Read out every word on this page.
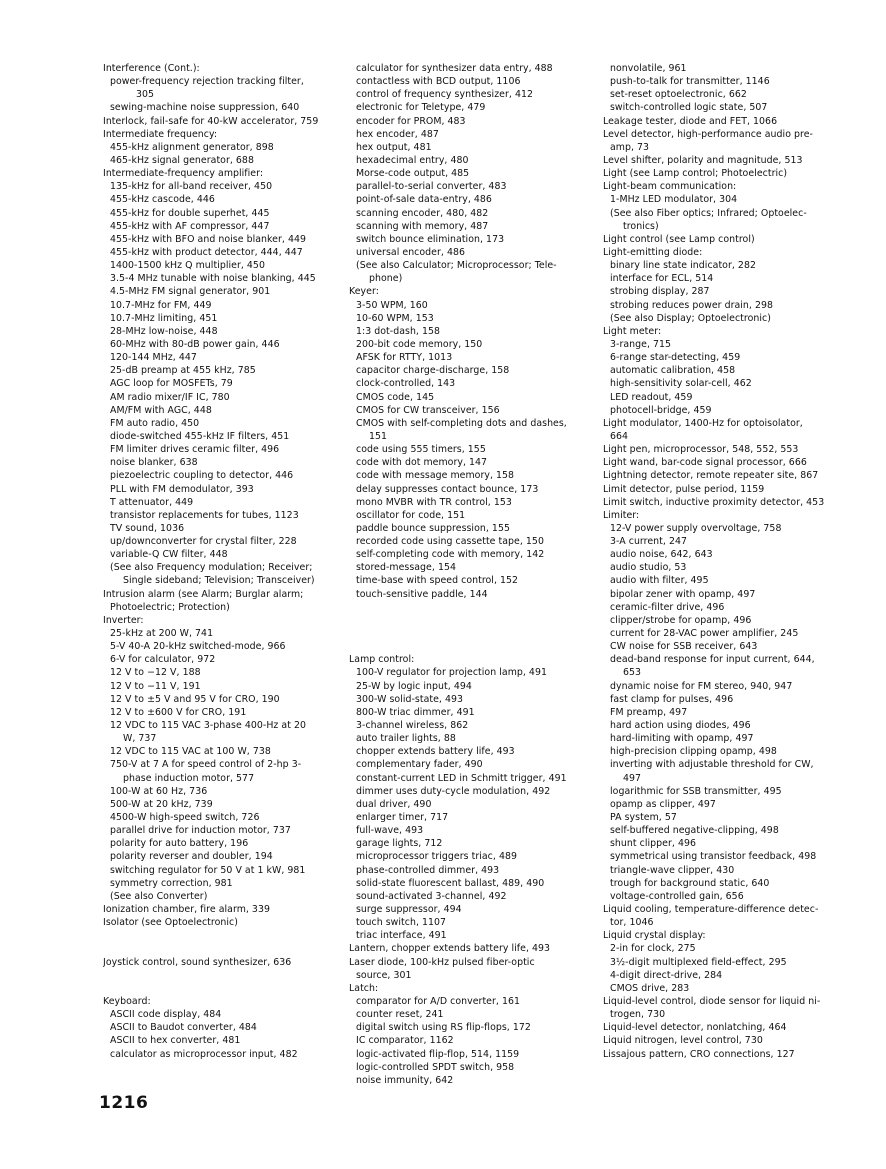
Interference (Cont.):
power-frequency rejection tracking filter,
305
sewing-machine noise suppression, 640
Interlock, fail-safe for 40-kW accelerator, 759
Intermediate frequency:
455-kHz alignment generator, 898
465-kHz signal generator, 688
Intermediate-frequency amplifier:
135-kHz for all-band receiver, 450
455-kHz cascode, 446
455-kHz for double superhet, 445
455-kHz with AF compressor, 447
455-kHz with BFO and noise blanker, 449
455-kHz with product detector, 444, 447
1400-1500 kHz Q multiplier, 450
3.5-4 MHz tunable with noise blanking, 445
4.5-MHz FM signal generator, 901
10.7-MHz for FM, 449
10.7-MHz limiting, 451
28-MHz low-noise, 448
60-MHz with 80-dB power gain, 446
120-144 MHz, 447
25-dB preamp at 455 kHz, 785
AGC loop for MOSFETs, 79
AM radio mixer/IF IC, 780
AM/FM with AGC, 448
FM auto radio, 450
diode-switched 455-kHz IF filters, 451
FM limiter drives ceramic filter, 496
noise blanker, 638
piezoelectric coupling to detector, 446
PLL with FM demodulator, 393
T attenuator, 449
transistor replacements for tubes, 1123
TV sound, 1036
up/downconverter for crystal filter, 228
variable-Q CW filter, 448
(See also Frequency modulation; Receiver;
Single sideband; Television; Transceiver)
Intrusion alarm (see Alarm; Burglar alarm;
Photoelectric; Protection)
Inverter:
25-kHz at 200 W, 741
5-V 40-A 20-kHz switched-mode, 966
6-V for calculator, 972
12 V to −12 V, 188
12 V to −11 V, 191
12 V to ±5 V and 95 V for CRO, 190
12 V to ±600 V for CRO, 191
12 VDC to 115 VAC 3-phase 400-Hz at 20
W, 737
12 VDC to 115 VAC at 100 W, 738
750-V at 7 A for speed control of 2-hp 3-
phase induction motor, 577
100-W at 60 Hz, 736
500-W at 20 kHz, 739
4500-W high-speed switch, 726
parallel drive for induction motor, 737
polarity for auto battery, 196
polarity reverser and doubler, 194
switching regulator for 50 V at 1 kW, 981
symmetry correction, 981
(See also Converter)
Ionization chamber, fire alarm, 339
Isolator (see Optoelectronic)
Joystick control, sound synthesizer, 636
Keyboard:
ASCII code display, 484
ASCII to Baudot converter, 484
ASCII to hex converter, 481
calculator as microprocessor input, 482
calculator for synthesizer data entry, 488
contactless with BCD output, 1106
control of frequency synthesizer, 412
electronic for Teletype, 479
encoder for PROM, 483
hex encoder, 487
hex output, 481
hexadecimal entry, 480
Morse-code output, 485
parallel-to-serial converter, 483
point-of-sale data-entry, 486
scanning encoder, 480, 482
scanning with memory, 487
switch bounce elimination, 173
universal encoder, 486
(See also Calculator; Microprocessor; Tele-
phone)
Keyer:
3-50 WPM, 160
10-60 WPM, 153
1:3 dot-dash, 158
200-bit code memory, 150
AFSK for RTTY, 1013
capacitor charge-discharge, 158
clock-controlled, 143
CMOS code, 145
CMOS for CW transceiver, 156
CMOS with self-completing dots and dashes,
151
code using 555 timers, 155
code with dot memory, 147
code with message memory, 158
delay suppresses contact bounce, 173
mono MVBR with TR control, 153
oscillator for code, 151
paddle bounce suppression, 155
recorded code using cassette tape, 150
self-completing code with memory, 142
stored-message, 154
time-base with speed control, 152
touch-sensitive paddle, 144
Lamp control:
100-V regulator for projection lamp, 491
25-W by logic input, 494
300-W solid-state, 493
800-W triac dimmer, 491
3-channel wireless, 862
auto trailer lights, 88
chopper extends battery life, 493
complementary fader, 490
constant-current LED in Schmitt trigger, 491
dimmer uses duty-cycle modulation, 492
dual driver, 490
enlarger timer, 717
full-wave, 493
garage lights, 712
microprocessor triggers triac, 489
phase-controlled dimmer, 493
solid-state fluorescent ballast, 489, 490
sound-activated 3-channel, 492
surge suppressor, 494
touch switch, 1107
triac interface, 491
Lantern, chopper extends battery life, 493
Laser diode, 100-kHz pulsed fiber-optic
source, 301
Latch:
comparator for A/D converter, 161
counter reset, 241
digital switch using RS flip-flops, 172
IC comparator, 1162
logic-activated flip-flop, 514, 1159
logic-controlled SPDT switch, 958
noise immunity, 642
nonvolatile, 961
push-to-talk for transmitter, 1146
set-reset optoelectronic, 662
switch-controlled logic state, 507
Leakage tester, diode and FET, 1066
Level detector, high-performance audio pre-
amp, 73
Level shifter, polarity and magnitude, 513
Light (see Lamp control; Photoelectric)
Light-beam communication:
1-MHz LED modulator, 304
(See also Fiber optics; Infrared; Optoelec-
tronics)
Light control (see Lamp control)
Light-emitting diode:
binary line state indicator, 282
interface for ECL, 514
strobing display, 287
strobing reduces power drain, 298
(See also Display; Optoelectronic)
Light meter:
3-range, 715
6-range star-detecting, 459
automatic calibration, 458
high-sensitivity solar-cell, 462
LED readout, 459
photocell-bridge, 459
Light modulator, 1400-Hz for optoisolator,
664
Light pen, microprocessor, 548, 552, 553
Light wand, bar-code signal processor, 666
Lightning detector, remote repeater site, 867
Limit detector, pulse period, 1159
Limit switch, inductive proximity detector, 453
Limiter:
12-V power supply overvoltage, 758
3-A current, 247
audio noise, 642, 643
audio studio, 53
audio with filter, 495
bipolar zener with opamp, 497
ceramic-filter drive, 496
clipper/strobe for opamp, 496
current for 28-VAC power amplifier, 245
CW noise for SSB receiver, 643
dead-band response for input current, 644,
653
dynamic noise for FM stereo, 940, 947
fast clamp for pulses, 496
FM preamp, 497
hard action using diodes, 496
hard-limiting with opamp, 497
high-precision clipping opamp, 498
inverting with adjustable threshold for CW,
497
logarithmic for SSB transmitter, 495
opamp as clipper, 497
PA system, 57
self-buffered negative-clipping, 498
shunt clipper, 496
symmetrical using transistor feedback, 498
triangle-wave clipper, 430
trough for background static, 640
voltage-controlled gain, 656
Liquid cooling, temperature-difference detec-
tor, 1046
Liquid crystal display:
2-in for clock, 275
3½-digit multiplexed field-effect, 295
4-digit direct-drive, 284
CMOS drive, 283
Liquid-level control, diode sensor for liquid ni-
trogen, 730
Liquid-level detector, nonlatching, 464
Liquid nitrogen, level control, 730
Lissajous pattern, CRO connections, 127
1216
